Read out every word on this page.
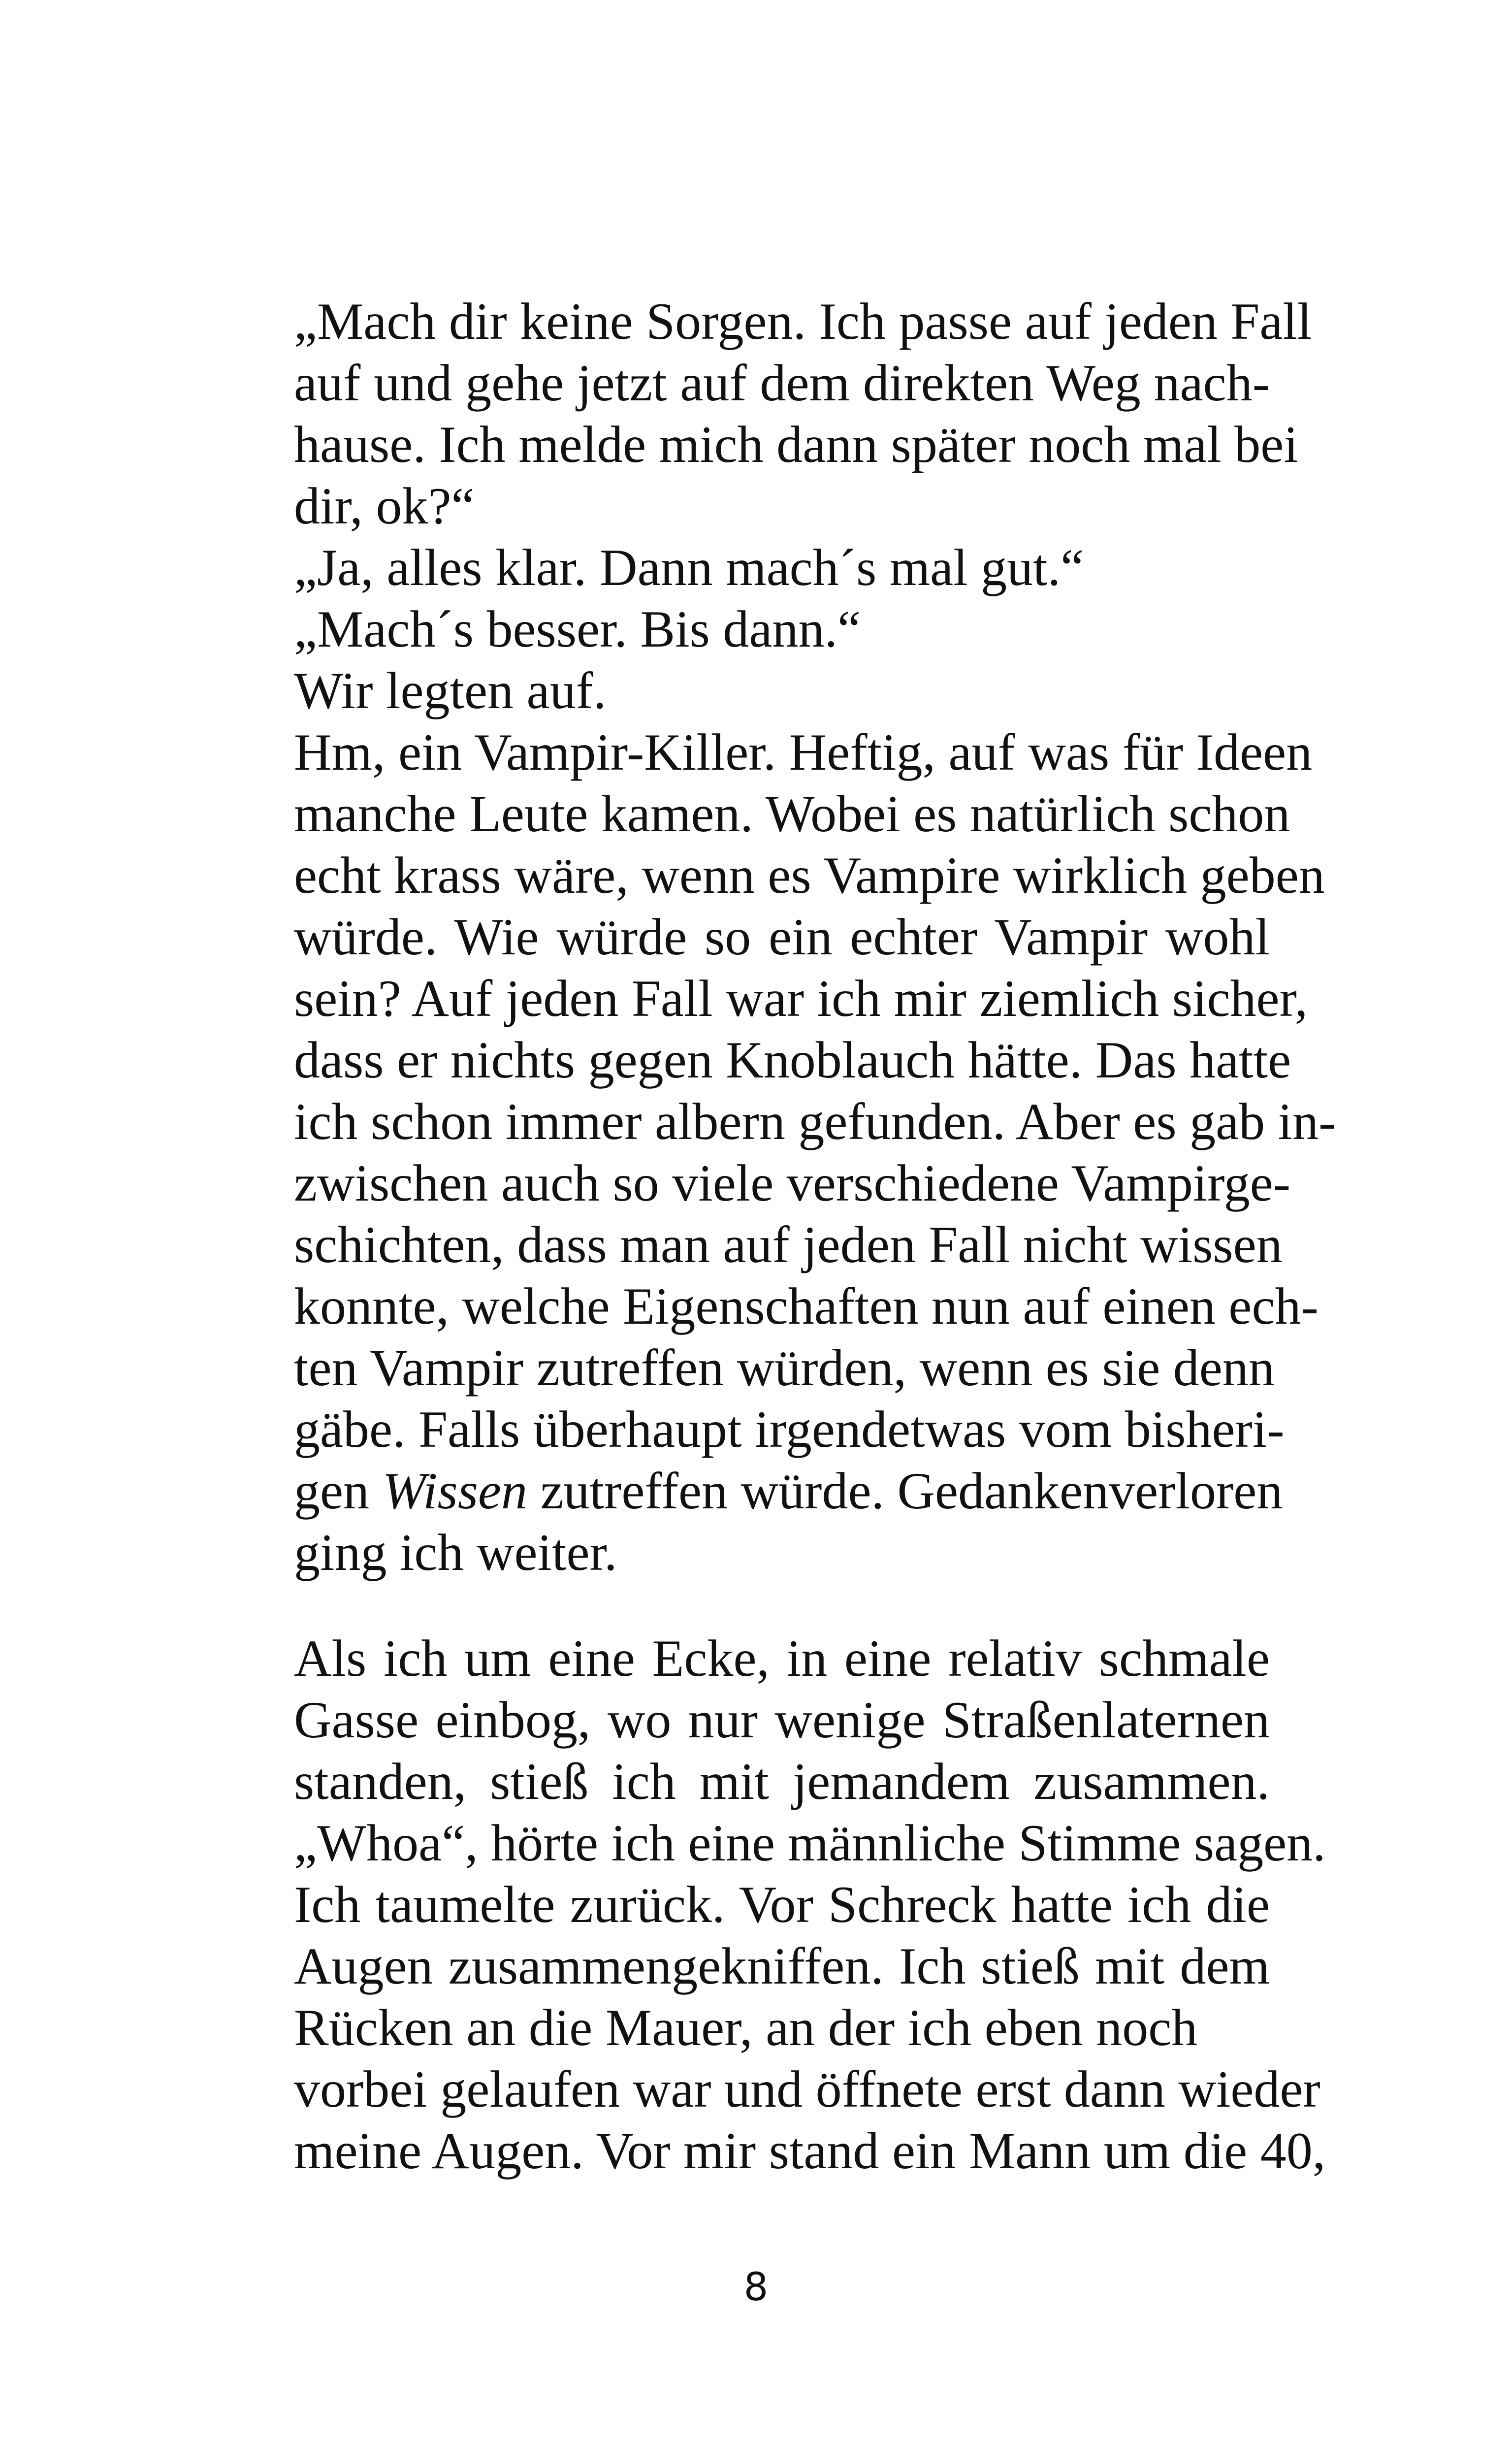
„Mach dir keine Sorgen. Ich passe auf jeden Fall
auf und gehe jetzt auf dem direkten Weg nach-
hause. Ich melde mich dann später noch mal bei
dir, ok?“
„Ja, alles klar. Dann mach´s mal gut.“
„Mach´s besser. Bis dann.“
Wir legten auf.
Hm, ein Vampir-Killer. Heftig, auf was für Ideen
manche Leute kamen. Wobei es natürlich schon
echt krass wäre, wenn es Vampire wirklich geben
würde. Wie würde so ein echter Vampir wohl
sein? Auf jeden Fall war ich mir ziemlich sicher,
dass er nichts gegen Knoblauch hätte. Das hatte
ich schon immer albern gefunden. Aber es gab in-
zwischen auch so viele verschiedene Vampirge-
schichten, dass man auf jeden Fall nicht wissen
konnte, welche Eigenschaften nun auf einen ech-
ten Vampir zutreffen würden, wenn es sie denn
gäbe. Falls überhaupt irgendetwas vom bisheri-
gen Wissen zutreffen würde. Gedankenverloren
ging ich weiter.
Als ich um eine Ecke, in eine relativ schmale
Gasse einbog, wo nur wenige Straßenlaternen
standen, stieß ich mit jemandem zusammen.
„Whoa“, hörte ich eine männliche Stimme sagen.
Ich taumelte zurück. Vor Schreck hatte ich die
Augen zusammengekniffen. Ich stieß mit dem
Rücken an die Mauer, an der ich eben noch
vorbei gelaufen war und öffnete erst dann wieder
meine Augen. Vor mir stand ein Mann um die 40,
8
